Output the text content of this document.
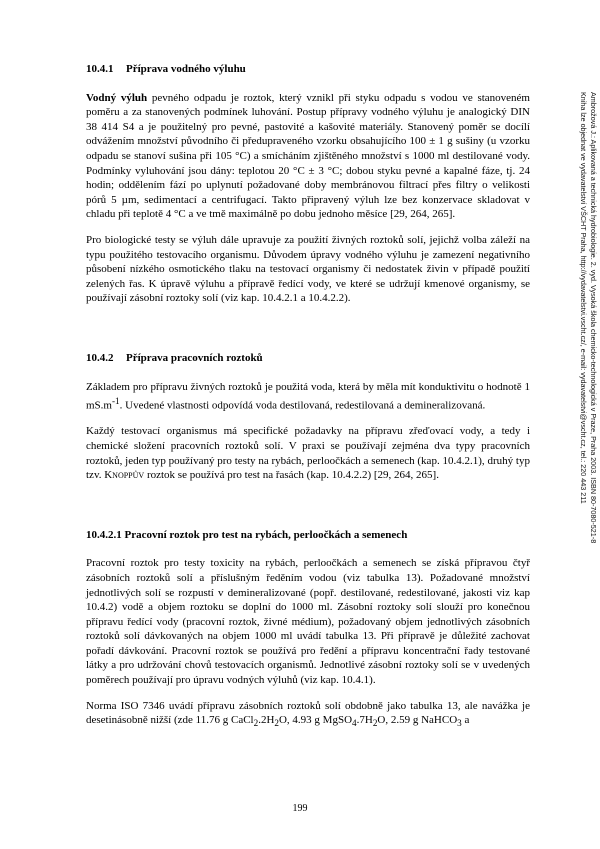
Ambrožová J.: Aplikovaná a technická hydrobiologie. 2. vyd. Vysoká škola chemicko-technologická v Praze, Praha 2003. ISBN 80-7080-521-8
Kniha lze objednat ve vydavatelství VŠCHT Praha, http://vydavatelstvi.vscht.cz/, e-mail: vydavatelstvi@vscht.cz, tel.: 220 443 211
10.4.1 Příprava vodného výluhu

Vodný výluh pevného odpadu je roztok, který vznikl při styku odpadu s vodou ve stanoveném poměru a za stanovených podmínek luhování. Postup přípravy vodného výluhu je analogický DIN 38 414 S4 a je použitelný pro pevné, pastovité a kašovité materiály. Stanovený poměr se docílí odvážením množství původního či předupraveného vzorku obsahujícího 100 ± 1 g sušiny (u vzorku odpadu se stanoví sušina při 105 °C) a smícháním zjištěného množství s 1000 ml destilované vody. Podmínky vyluhování jsou dány: teplotou 20 °C ± 3 °C; dobou styku pevné a kapalné fáze, tj. 24 hodin; oddělením fází po uplynutí požadované doby membránovou filtrací přes filtry o velikosti pórů 5 µm, sedimentací a centrifugací. Takto připravený výluh lze bez konzervace skladovat v chladu při teplotě 4 °C a ve tmě maximálně po dobu jednoho měsíce [29, 264, 265].

Pro biologické testy se výluh dále upravuje za použití živných roztoků solí, jejichž volba záleží na typu použitého testovacího organismu. Důvodem úpravy vodného výluhu je zamezení negativního působení nízkého osmotického tlaku na testovací organismy či nedostatek živin v případě použití zelených řas. K úpravě výluhu a přípravě ředící vody, ve které se udržují kmenové organismy, se používají zásobní roztoky solí (viz kap. 10.4.2.1 a 10.4.2.2).

10.4.2 Příprava pracovních roztoků

Základem pro přípravu živných roztoků je použitá voda, která by měla mít konduktivitu o hodnotě 1 $mS.m^{-1}$. Uvedené vlastnosti odpovídá voda destilovaná, redestilovaná a demineralizovaná.

Každý testovací organismus má specifické požadavky na přípravu zřeďovací vody, a tedy i chemické složení pracovních roztoků solí. V praxi se používají zejména dva typy pracovních roztoků, jeden typ používaný pro testy na rybách, perloočkách a semenech (kap. 10.4.2.1), druhý typ tzv. Knoppův roztok se používá pro test na řasách (kap. 10.4.2.2) [29, 264, 265].

10.4.2.1 Pracovní roztok pro test na rybách, perloočkách a semenech

Pracovní roztok pro testy toxicity na rybách, perloočkách a semenech se získá přípravou čtyř zásobních roztoků solí a příslušným ředěním vodou (viz tabulka 13). Požadované množství jednotlivých solí se rozpustí v demineralizované (popř. destilované, redestilované, jakosti viz kap 10.4.2) vodě a objem roztoku se doplní do 1000 ml. Zásobní roztoky solí slouží pro konečnou přípravu ředící vody (pracovní roztok, živné médium), požadovaný objem jednotlivých zásobních roztoků solí dávkovaných na objem 1000 ml uvádí tabulka 13. Při přípravě je důležité zachovat pořadí dávkování. Pracovní roztok se používá pro ředění a přípravu koncentrační řady testované látky a pro udržování chovů testovacích organismů. Jednotlivé zásobní roztoky solí se v uvedených poměrech používají pro úpravu vodných výluhů (viz kap. 10.4.1).

Norma ISO 7346 uvádí přípravu zásobních roztoků solí obdobně jako tabulka 13, ale navážka je desetinásobně nižší (zde 11.76 g $CaCl_2.2H_2O$, 4.93 g $MgSO_4.7H_2O$, 2.59 g NaHCO$_3$ a

199
